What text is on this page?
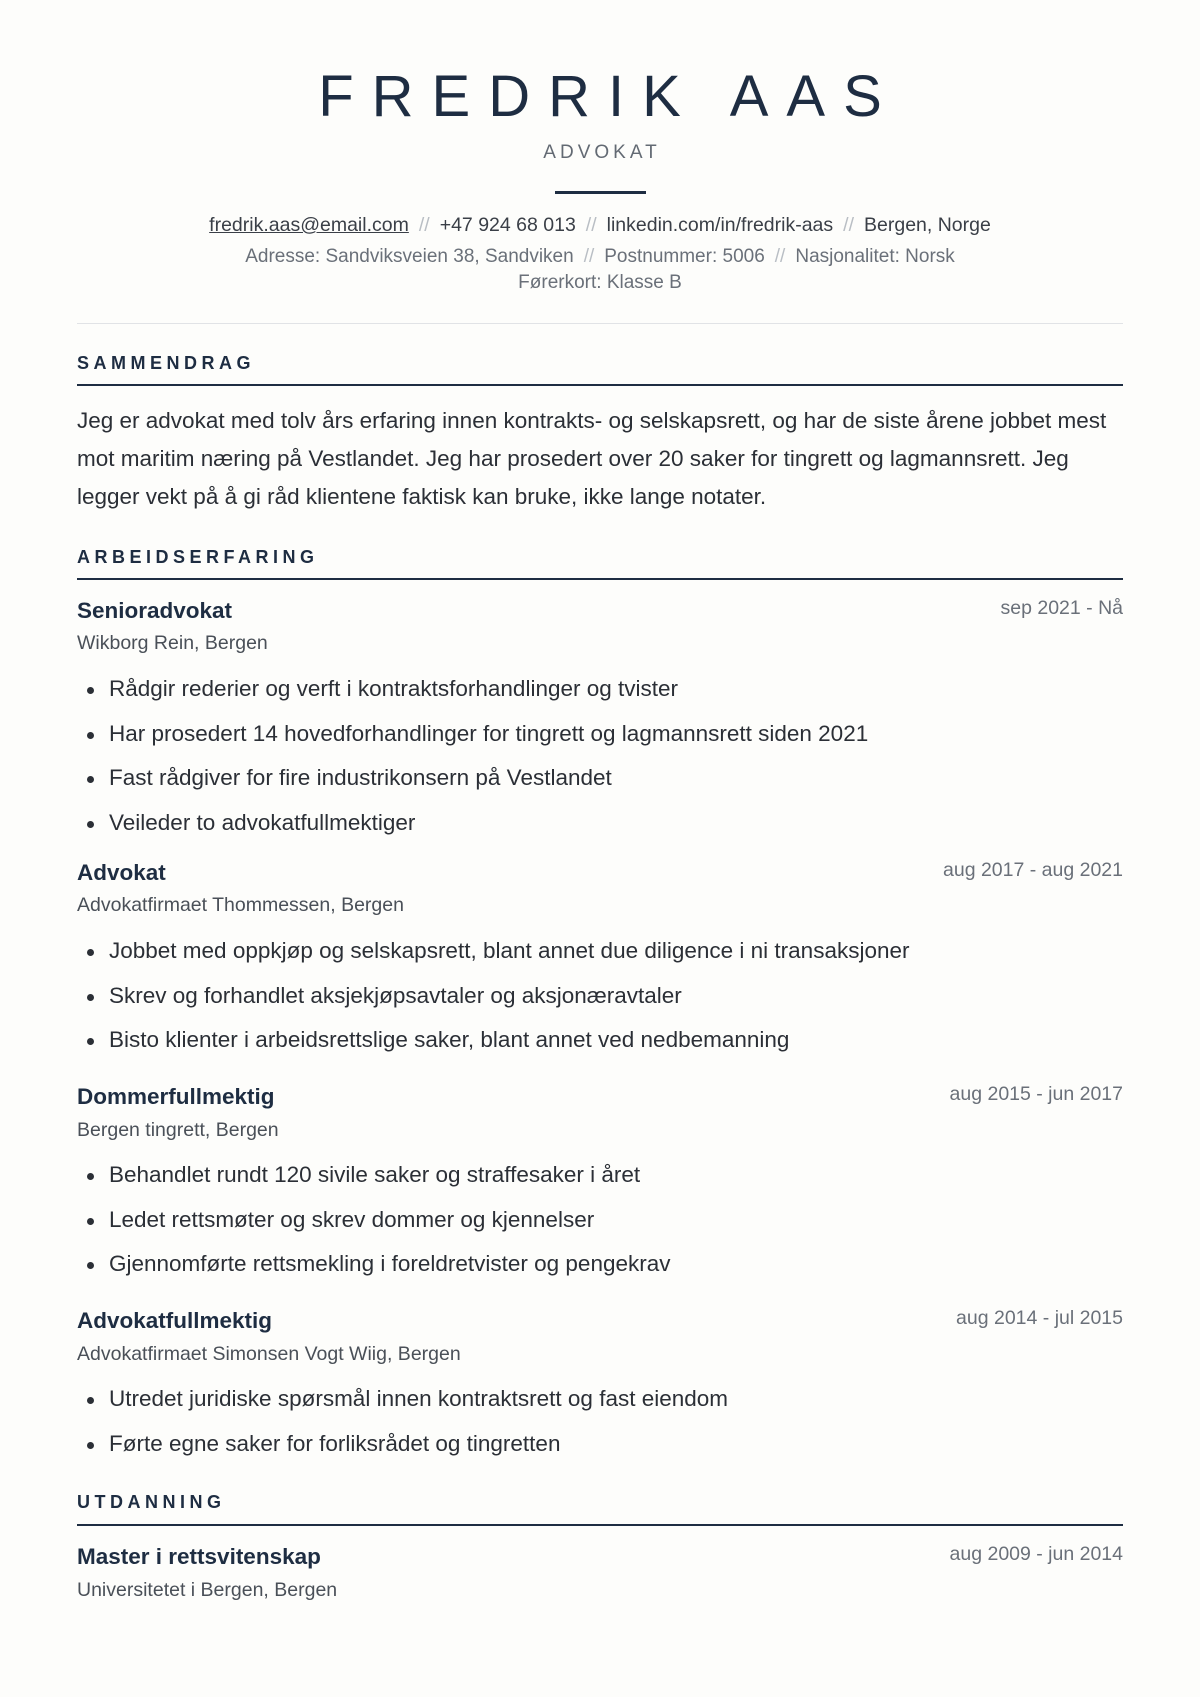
FREDRIK AAS
ADVOKAT
fredrik.aas@email.com // +47 924 68 013 // linkedin.com/in/fredrik-aas // Bergen, Norge
Adresse: Sandviksveien 38, Sandviken // Postnummer: 5006 // Nasjonalitet: Norsk
Førerkort: Klasse B
SAMMENDRAG
Jeg er advokat med tolv års erfaring innen kontrakts- og selskapsrett, og har de siste årene jobbet mest mot maritim næring på Vestlandet. Jeg har prosedert over 20 saker for tingrett og lagmannsrett. Jeg legger vekt på å gi råd klientene faktisk kan bruke, ikke lange notater.
ARBEIDSERFARING
Senioradvokat	sep 2021 - Nå
Wikborg Rein, Bergen
Rådgir rederier og verft i kontraktsforhandlinger og tvister
Har prosedert 14 hovedforhandlinger for tingrett og lagmannsrett siden 2021
Fast rådgiver for fire industrikonsern på Vestlandet
Veileder to advokatfullmektiger
Advokat	aug 2017 - aug 2021
Advokatfirmaet Thommessen, Bergen
Jobbet med oppkjøp og selskapsrett, blant annet due diligence i ni transaksjoner
Skrev og forhandlet aksjekjøpsavtaler og aksjonæravtaler
Bisto klienter i arbeidsrettslige saker, blant annet ved nedbemanning
Dommerfullmektig	aug 2015 - jun 2017
Bergen tingrett, Bergen
Behandlet rundt 120 sivile saker og straffesaker i året
Ledet rettsmøter og skrev dommer og kjennelser
Gjennomførte rettsmekling i foreldretvister og pengekrav
Advokatfullmektig	aug 2014 - jul 2015
Advokatfirmaet Simonsen Vogt Wiig, Bergen
Utredet juridiske spørsmål innen kontraktsrett og fast eiendom
Førte egne saker for forliksrådet og tingretten
UTDANNING
Master i rettsvitenskap	aug 2009 - jun 2014
Universitetet i Bergen, Bergen
